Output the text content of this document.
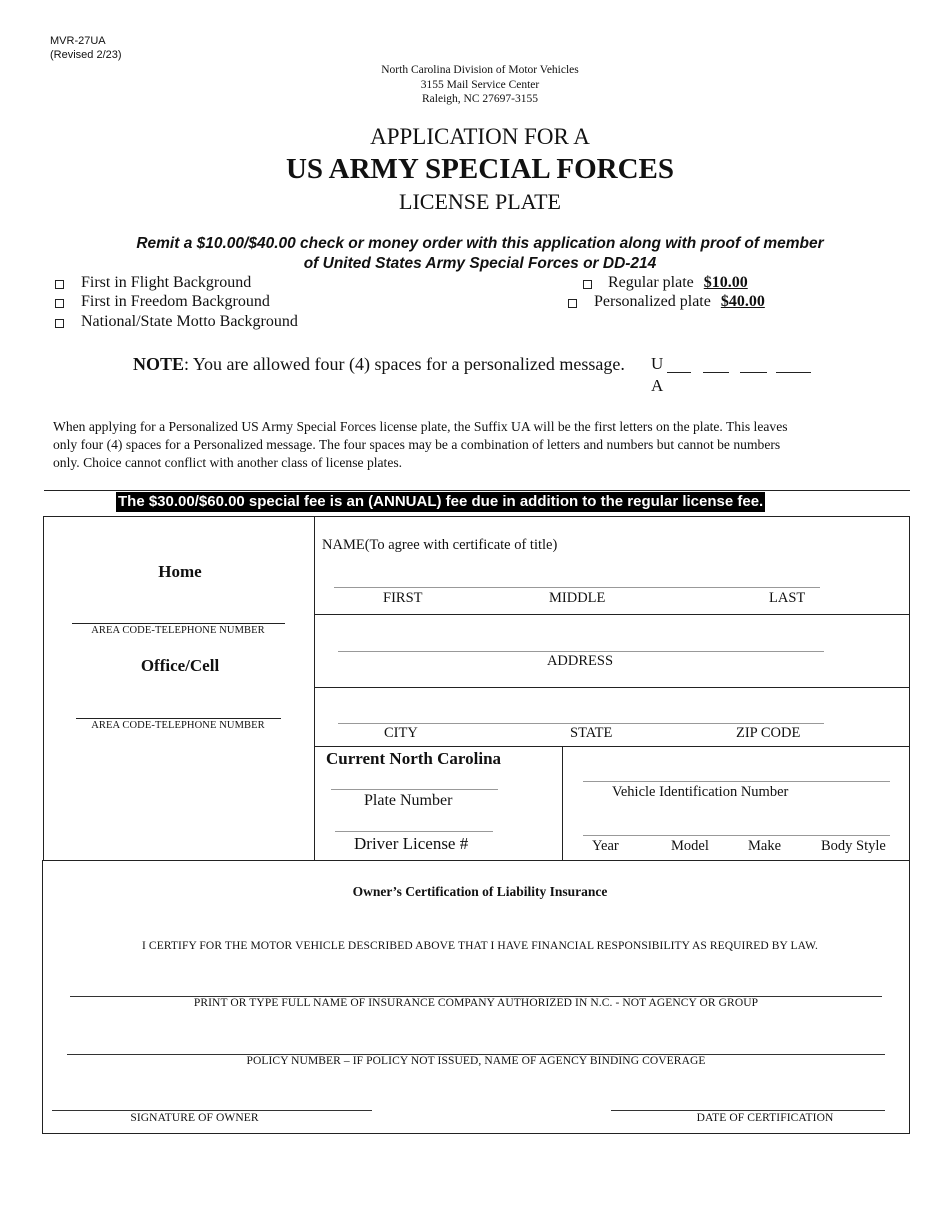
MVR-27UA
(Revised 2/23)
North Carolina Division of Motor Vehicles
3155 Mail Service Center
Raleigh, NC 27697-3155
APPLICATION FOR A
US ARMY SPECIAL FORCES
LICENSE PLATE
Remit a $10.00/$40.00 check or money order with this application along with proof of member
of United States Army Special Forces or DD-214
First in Flight Background
First in Freedom Background
National/State Motto Background
Regular plate $10.00
Personalized plate $40.00
NOTE: You are allowed four (4) spaces for a personalized message. U
A
When applying for a Personalized US Army Special Forces license plate, the Suffix UA will be the first letters on the plate. This leaves
only four (4) spaces for a Personalized message. The four spaces may be a combination of letters and numbers but cannot be numbers
only. Choice cannot conflict with another class of license plates.
The $30.00/$60.00 special fee is an (ANNUAL) fee due in addition to the regular license fee.
Home
AREA CODE-TELEPHONE NUMBER
Office/Cell
AREA CODE-TELEPHONE NUMBER
NAME(To agree with certificate of title)
FIRST	MIDDLE	LAST
ADDRESS
CITY	STATE	ZIP CODE
Current North Carolina
Plate Number
Driver License #
Vehicle Identification Number
Year	Model	Make	Body Style
Owner’s Certification of Liability Insurance
I CERTIFY FOR THE MOTOR VEHICLE DESCRIBED ABOVE THAT I HAVE FINANCIAL RESPONSIBILITY AS REQUIRED BY LAW.
PRINT OR TYPE FULL NAME OF INSURANCE COMPANY AUTHORIZED IN N.C. - NOT AGENCY OR GROUP
POLICY NUMBER – IF POLICY NOT ISSUED, NAME OF AGENCY BINDING COVERAGE
SIGNATURE OF OWNER	DATE OF CERTIFICATION
